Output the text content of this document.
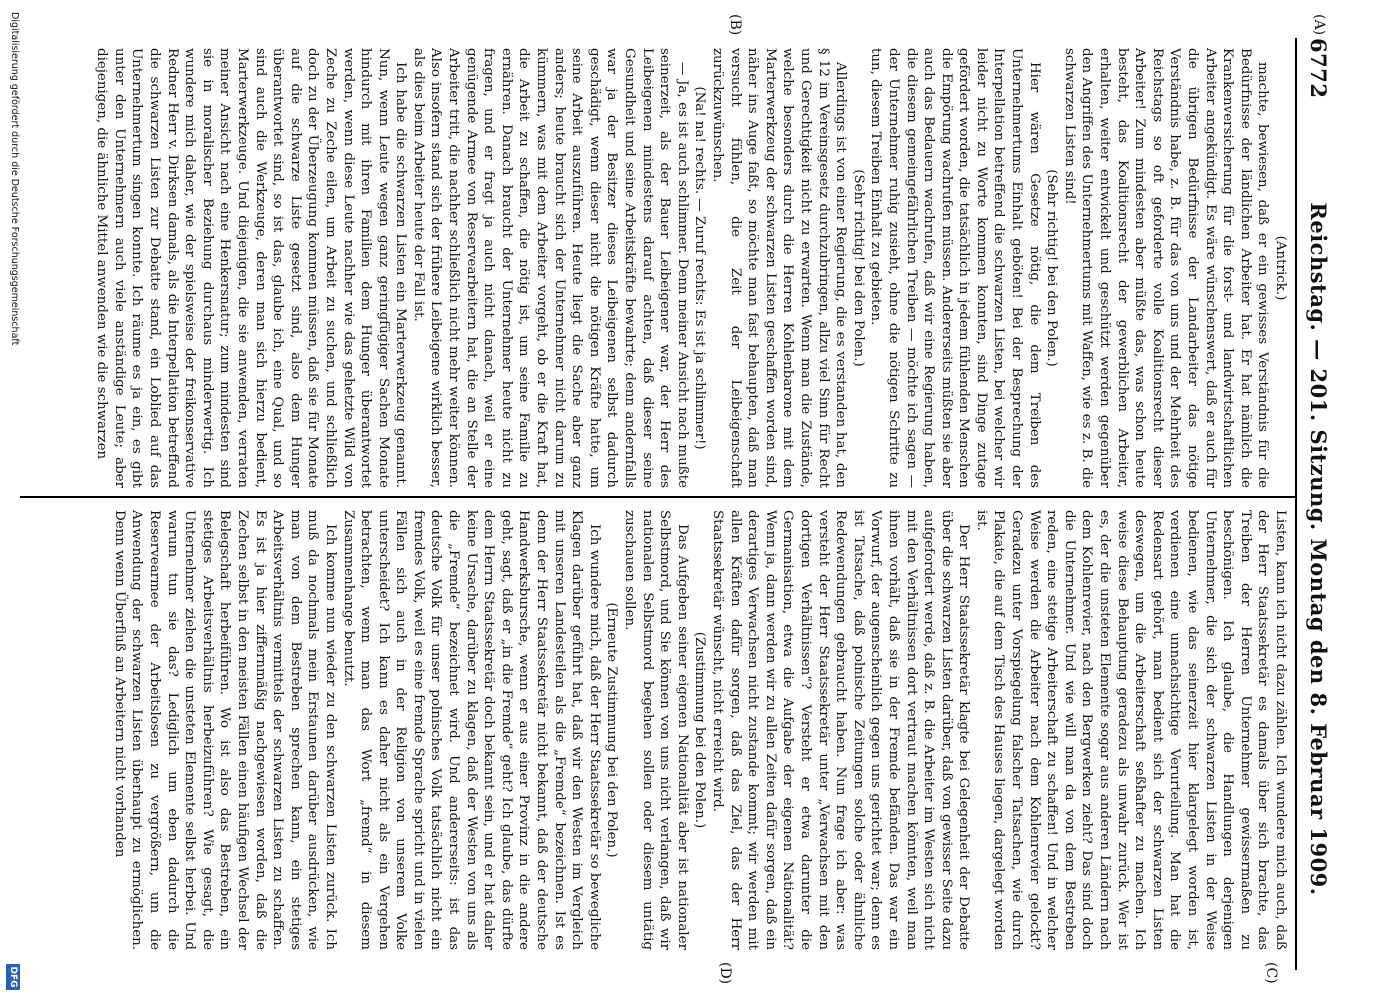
6772
Reichstag. — 201. Sitzung. Montag den 8. Februar 1909.
(A)
(B)
(C)
(D)

(Antrick.)

machte, bewiesen, daß er ein gewisses Verständnis für die Bedürfnisse der ländlichen Arbeiter hat. Er hat nämlich die Krankenversicherung für die forst- und landwirtschaftlichen Arbeiter angekündigt. Es wäre wünschenswert, daß er auch für die übrigen Bedürfnisse der Landarbeiter das nötige Verständnis habe, z. B. für das von uns und der Mehrheit des Reichstags so oft geforderte volle Koalitionsrecht dieser Arbeiter! Zum mindesten aber müßte das, was schon heute besteht, das Koalitionsrecht der gewerblichen Arbeiter, erhalten, weiter entwickelt und geschützt werden gegenüber den Angriffen des Unternehmertums mit Waffen, wie es z. B. die schwarzen Listen sind!

(Sehr richtig! bei den Polen.)

Hier wären Gesetze nötig, die dem Treiben des Unternehmertums Einhalt geböten! Bei der Besprechung der Interpellation betreffend die schwarzen Listen, bei welcher wir leider nicht zu Worte kommen konnten, sind Dinge zutage gefördert worden, die tatsächlich in jedem fühlenden Menschen die Empörung wachrufen müssen. Andererseits müßten sie aber auch das Bedauern wachrufen, daß wir eine Regierung haben, die diesem gemeingefährlichen Treiben — möchte ich sagen — der Unternehmer ruhig zusieht, ohne die nötigen Schritte zu tun, diesem Treiben Einhalt zu gebieten.

(Sehr richtig! bei den Polen.)

Allerdings ist von einer Regierung, die es verstanden hat, den § 12 im Vereinsgesetz durchzubringen, allzu viel Sinn für Recht und Gerechtigkeit nicht zu erwarten. Wenn man die Zustände, welche besonders durch die Herren Kohlenbarone mit dem Marterwerkzeug der schwarzen Listen geschaffen worden sind, näher ins Auge faßt, so möchte man fast behaupten, daß man versucht fühlen, die Zeit der Leibeigenschaft zurückzuwünschen.

(Na! na! rechts. — Zuruf rechts: Es ist ja schlimmer!)

— Ja, es ist auch schlimmer. Denn meiner Ansicht nach mußte seinerzeit, als der Bauer Leibeigener war, der Herr des Leibeigenen mindestens darauf achten, daß dieser seine Gesundheit und seine Arbeitskräfte bewahrte; denn andernfalls war ja der Besitzer dieses Leibeigenen selbst dadurch geschädigt, wenn dieser nicht die nötigen Kräfte hatte, um seine Arbeit auszuführen. Heute liegt die Sache aber ganz anders; heute braucht sich der Unternehmer nicht darum zu kümmern, was mit dem Arbeiter vorgeht, ob er die Kraft hat, die Arbeit zu schaffen, die nötig ist, um seine Familie zu ernähren. Danach braucht der Unternehmer heute nicht zu fragen, und er fragt ja auch nicht danach, weil er eine genügende Armee von Reservearbeitern hat, die an Stelle der Arbeiter tritt, die nachher schließlich nicht mehr weiter können. Also insofern stand sich der frühere Leibeigene wirklich besser, als dies beim Arbeiter heute der Fall ist.

Ich habe die schwarzen Listen ein Marterwerkzeug genannt. Nun, wenn Leute wegen ganz geringfügiger Sachen Monate hindurch mit ihren Familien dem Hunger überantwortet werden, wenn diese Leute nachher wie das gehetzte Wild von Zeche zu Zeche eilen, um Arbeit zu suchen, und schließlich doch zu der Überzeugung kommen müssen, daß sie für Monate auf die schwarze Liste gesetzt sind, also dem Hunger überantwortet sind, so ist das, glaube ich, eine Qual, und so sind auch die Werkzeuge, deren man sich hierzu bedient, Marterwerkzeuge. Und diejenigen, die sie anwenden, verraten meiner Ansicht nach eine Henkersnatur; zum mindesten sind sie in moralischer Beziehung durchaus minderwertig. Ich wundere mich daher, wie der spielsweise der freikonservative Redner Herr v. Dirksen damals, als die Interpellation betreffend die schwarzen Listen zur Debatte stand, ein Loblied auf das Unternehmertum singen konnte. Ich räume es ja ein, es gibt unter den Unternehmern auch viele anständige Leute; aber diejenigen, die ähnliche Mittel anwenden wie die schwarzen

Listen, kann ich nicht dazu zählen. Ich wundere mich auch, daß der Herr Staatssekretär es damals über sich brachte, das Treiben der Herren Unternehmer gewissermaßen zu beschönigen. Ich glaube, die Handlungen derjenigen Unternehmer, die sich der schwarzen Listen in der Weise bedienen, wie das seinerzeit hier klargelegt worden ist, verdienen eine unnachsichtige Verurteilung. Man hat die Redensart gehört, man bedient sich der schwarzen Listen deswegen, um die Arbeiterschaft seßhafter zu machen. Ich weise diese Behauptung geradezu als unwahr zurück. Wer ist es, der die unsteten Elemente sogar aus anderen Ländern nach dem Kohlenrevier, nach den Bergwerken zieht? Das sind doch die Unternehmer. Und wie will man da von dem Bestreben reden, eine stetige Arbeiterschaft zu schaffen! Und in welcher Weise werden die Arbeiter nach dem Kohlenrevier gelockt? Geradezu unter Vorspiegelung falscher Tatsachen, wie durch Plakate, die auf dem Tisch des Hauses liegen, dargelegt worden ist.

Der Herr Staatssekretär klagte bei Gelegenheit der Debatte über die schwarzen Listen darüber, daß von gewisser Seite dazu aufgefordert werde, daß z. B. die Arbeiter im Westen sich nicht mit den Verhältnissen dort vertraut machen könnten, weil man ihnen vorhält, daß sie in der Fremde befänden. Das war ein Vorwurf, der augenscheinlich gegen uns gerichtet war; denn es ist Tatsache, daß polnische Zeitungen solche oder ähnliche Redewendungen gebraucht haben. Nun frage ich aber: was versteht der Herr Staatssekretär unter „Verwachsen mit den dortigen Verhältnissen“? Versteht er etwa darunter die Germanisation, etwa die Aufgabe der eigenen Nationalität? Wenn ja, dann werden wir zu allen Zeiten dafür sorgen, daß ein derartiges Verwachsen nicht zustande kommt; wir werden mit allen Kräften dafür sorgen, daß das Ziel, das der Herr Staatssekretär wünscht, nicht erreicht wird.

(Zustimmung bei den Polen.)

Das Aufgeben seiner eigenen Nationalität aber ist nationaler Selbstmord, und Sie können von uns nicht verlangen, daß wir nationalen Selbstmord begehen sollen oder diesem untätig zuschauen sollen.

(Erneute Zustimmung bei den Polen.)

Ich wundere mich, daß der Herr Staatssekretär so bewegliche Klagen darüber geführt hat, daß wir den Westen im Vergleich mit unseren Landesteilen als die „Fremde“ bezeichnen. Ist es denn der Herr Staatssekretär nicht bekannt, daß der deutsche Handwerksbursche, wenn er aus einer Provinz in die andere geht, sagt, daß er „in die Fremde“ geht? Ich glaube, das dürfte dem Herrn Staatssekretär doch bekannt sein, und er hat daher keine Ursache, darüber zu klagen, daß der Westen von uns als die „Fremde“ bezeichnet wird. Und andererseits: ist das deutsche Volk für unser polnisches Volk tatsächlich nicht ein fremdes Volk, weil es eine fremde Sprache spricht und in vielen Fällen sich auch in der Religion von unserem Volke unterscheidet? Ich kann es daher nicht als ein Vergehen betrachten, wenn man das Wort „fremd“ in diesem Zusammenhange benutzt.

Ich komme nun wieder zu den schwarzen Listen zurück. Ich muß da nochmals mein Erstaunen darüber ausdrücken, wie man von dem Bestreben sprechen kann, ein stetiges Arbeitsverhältnis vermittels der schwarzen Listen zu schaffen. Es ist ja hier ziffernmäßig nachgewiesen worden, daß die Zechen selbst in den meisten Fällen einen häufigen Wechsel der Belegschaft herbeiführen. Wo ist also das Bestreben, ein stetiges Arbeitsverhältnis herbeizuführen? Wie gesagt, die Unternehmer ziehen die unsteten Elemente selbst herbei. Und warum tun sie das? Lediglich um eben dadurch die Reservearmee der Arbeitslosen zu vergrößern, um die Anwendung der schwarzen Listen überhaupt zu ermöglichen. Denn wenn Überfluß an Arbeitern nicht vorhanden

Digitalisierung gefördert durch die Deutsche Forschungsgemeinschaft
DFG
